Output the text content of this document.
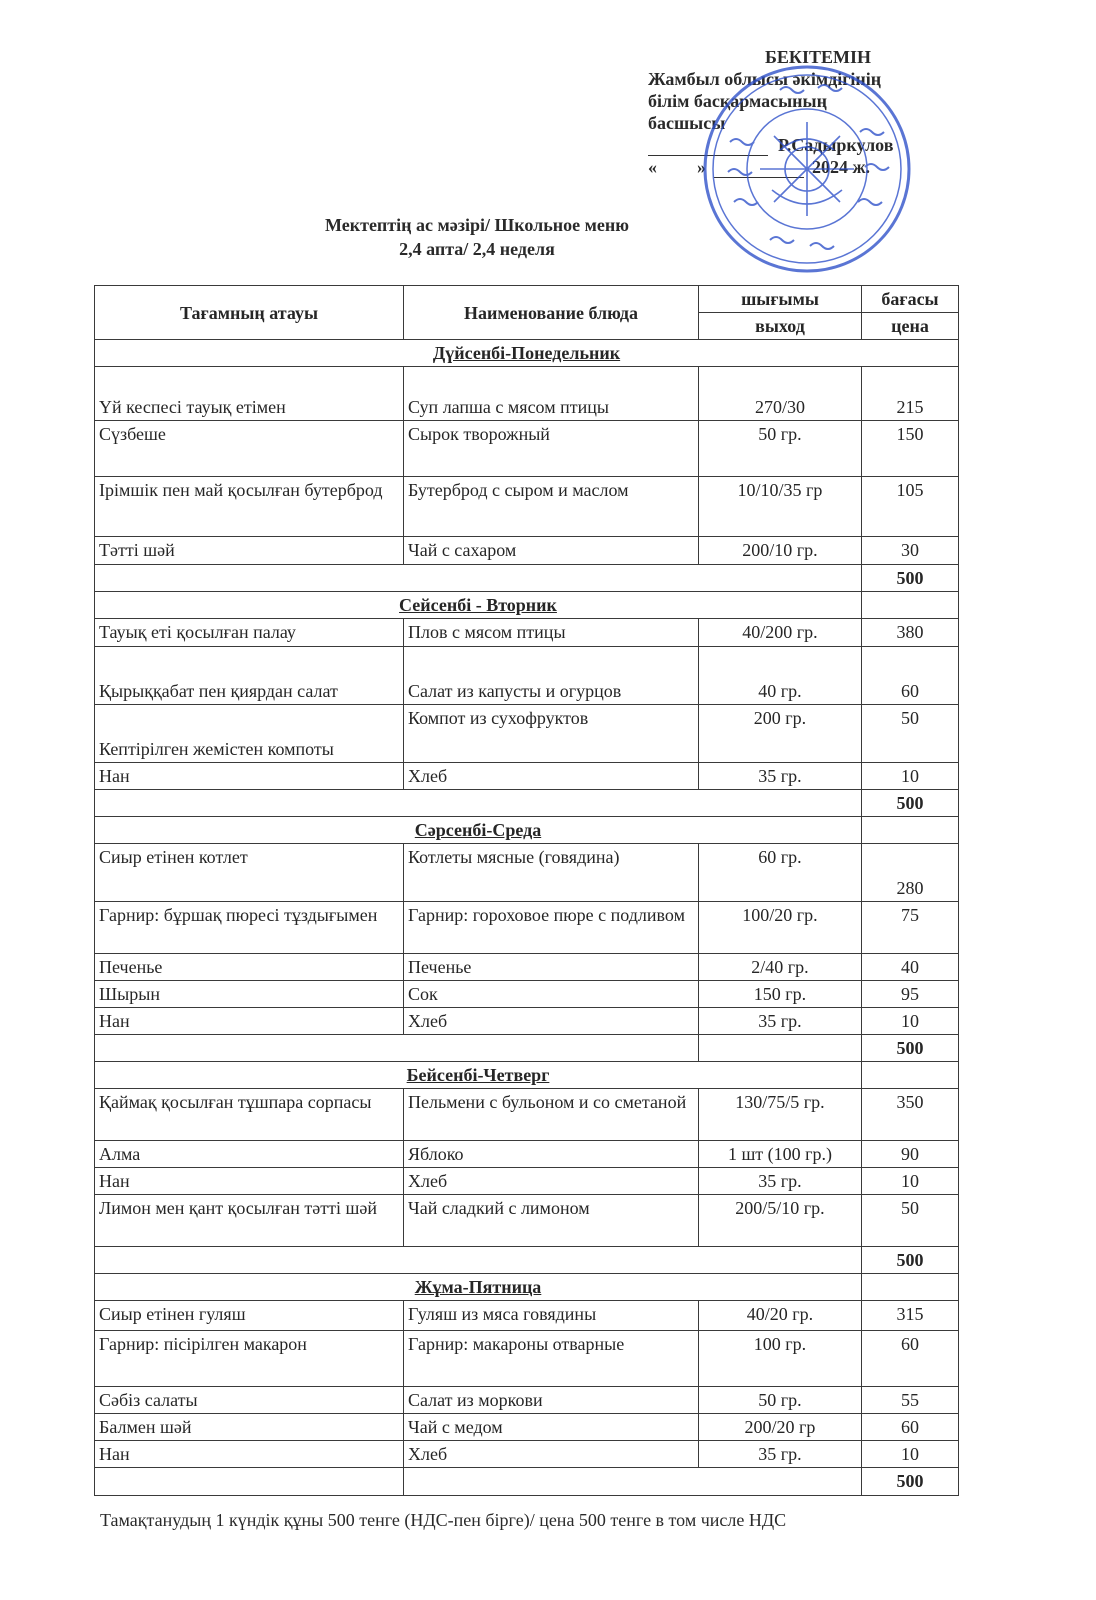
БЕКІТЕМІН
Жамбыл облысы әкімдігінің
білім басқармасының
басшысы
Р.Садыркулов
« »	2024 ж.
Мектептің ас мәзірі/ Школьное меню
2,4 апта/ 2,4 неделя
Тағамның атауы	Наименование блюда	шығымы	бағасы
		выход	цена
Дүйсенбі-Понедельник			
Үй кеспесі тауық етімен	Суп лапша с мясом птицы	270/30	215
Сүзбеше	Сырок творожный	50 гр.	150
Ірімшік пен май қосылған бутерброд	Бутерброд с сыром и маслом	10/10/35 гр	105
Тәтті шәй	Чай с сахаром	200/10 гр.	30
			500
Сейсенбі - Вторник			
Тауық еті қосылған палау	Плов с мясом птицы	40/200 гр.	380
Қырыққабат пен қиярдан салат	Салат из капусты и огурцов	40 гр.	60
Кептірілген жемістен компоты	Компот из сухофруктов	200 гр.	50
Нан	Хлеб	35 гр.	10
			500
Сәрсенбі-Среда			
Сиыр етінен котлет	Котлеты мясные (говядина)	60 гр.	280
Гарнир: бұршақ пюресі тұздығымен	Гарнир: гороховое пюре с подливом	100/20 гр.	75
Печенье	Печенье	2/40 гр.	40
Шырын	Сок	150 гр.	95
Нан	Хлеб	35 гр.	10
			500
Бейсенбі-Четверг			
Қаймақ қосылған тұшпара сорпасы	Пельмени с бульоном и со сметаной	130/75/5 гр.	350
Алма	Яблоко	1 шт (100 гр.)	90
Нан	Хлеб	35 гр.	10
Лимон мен қант қосылған тәтті шәй	Чай сладкий с лимоном	200/5/10 гр.	50
			500
Жұма-Пятница			
Сиыр етінен гуляш	Гуляш из мяса говядины	40/20 гр.	315
Гарнир: пісірілген макарон	Гарнир: макароны отварные	100 гр.	60
Сәбіз салаты	Салат из моркови	50 гр.	55
Балмен шәй	Чай с медом	200/20 гр	60
Нан	Хлеб	35 гр.	10
			500
Тамақтанудың 1 күндік құны 500 тенге (НДС-пен бірге)/ цена 500 тенге в том числе НДС
